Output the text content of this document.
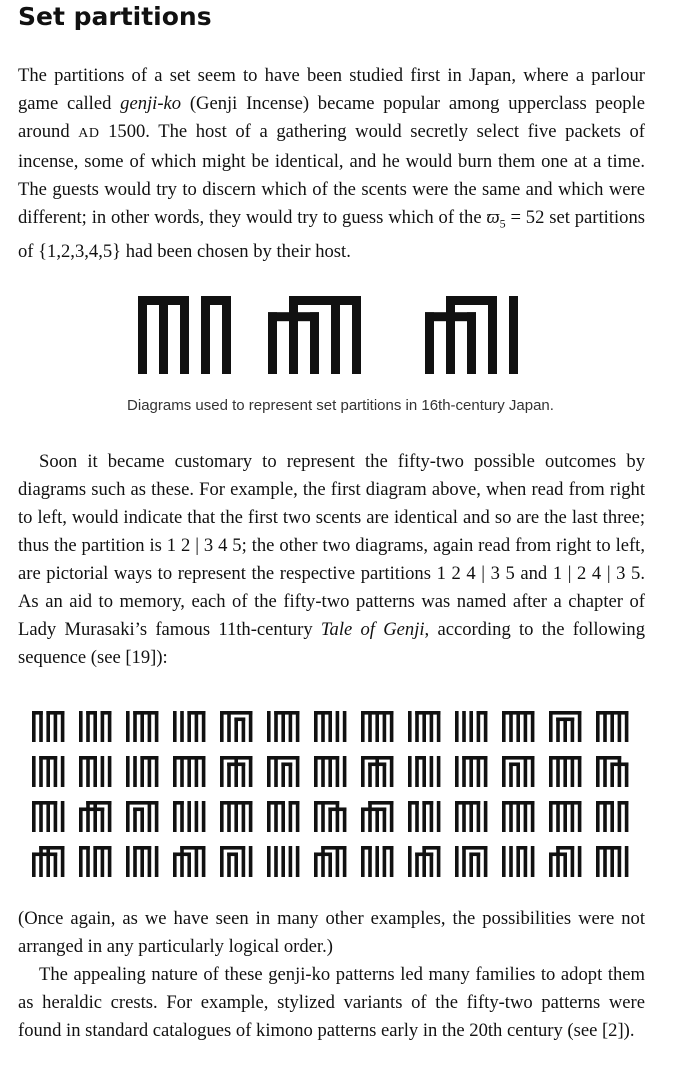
Set partitions

The partitions of a set seem to have been studied first in Japan, where a parlour game called genji-ko (Genji Incense) became popular among upperclass people around AD 1500. The host of a gathering would secretly select five packets of incense, some of which might be identical, and he would burn them one at a time. The guests would try to discern which of the scents were the same and which were different; in other words, they would try to guess which of the $ϖ_5 = 52$ set partitions of {1,2,3,4,5} had been chosen by their host.

Diagrams used to represent set partitions in 16th-century Japan.

Soon it became customary to represent the fifty-two possible outcomes by diagrams such as these. For example, the first diagram above, when read from right to left, would indicate that the first two scents are identical and so are the last three; thus the partition is 1 2 | 3 4 5; the other two diagrams, again read from right to left, are pictorial ways to represent the respective partitions 1 2 4 | 3 5 and 1 | 2 4 | 3 5. As an aid to memory, each of the fifty-two patterns was named after a chapter of Lady Murasaki’s famous 11th-century Tale of Genji, according to the following sequence (see [19]):

(Once again, as we have seen in many other examples, the possibilities were not arranged in any particularly logical order.)

The appealing nature of these genji-ko patterns led many families to adopt them as heraldic crests. For example, stylized variants of the fifty-two patterns were found in standard catalogues of kimono patterns early in the 20th century (see [2]).
